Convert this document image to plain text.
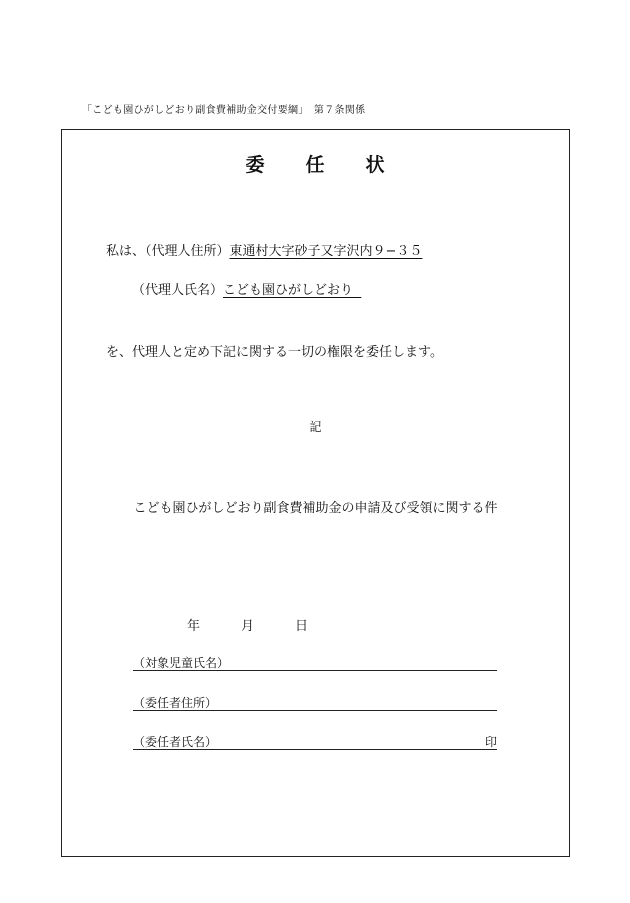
「こども園ひがしどおり副食費補助金交付要綱」　第７条関係
委　　任　　状
私は、（代理人住所）東通村大字砂子又字沢内９−３５
（代理人氏名）こども園ひがしどおり
を、代理人と定め下記に関する一切の権限を委任します。
記
こども園ひがしどおり副食費補助金の申請及び受領に関する件
年	月	日
（対象児童氏名）
（委任者住所）
（委任者氏名）	印
